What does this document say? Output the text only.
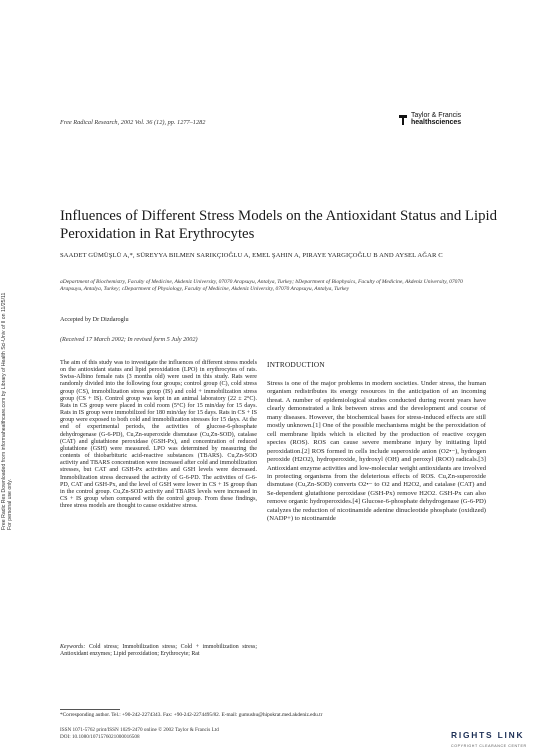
Free Radic Res Downloaded from informahealthcare.com by Library of Health Sci-Univ of Il on 11/25/11 For personal use only.
Free Radical Research, 2002 Vol. 36 (12), pp. 1277–1282
Taylor & Francis
healthsciences
Influences of Different Stress Models on the Antioxidant Status and Lipid Peroxidation in Rat Erythrocytes
SAADET GÜMÜŞLÜ A,*, SÜREYYA BILMEN SARIKÇIOĞLU A, EMEL ŞAHIN A, PIRAYE YARGIÇOĞLU B AND AYSEL AĞAR C
aDepartment of Biochemistry, Faculty of Medicine, Akdeniz University, 07070 Arapsuyu, Antalya, Turkey; bDepartment of Biophysics, Faculty of Medicine, Akdeniz University, 07070 Arapsuyu, Antalya, Turkey; cDepartment of Physiology, Faculty of Medicine, Akdeniz University, 07070 Arapsuyu, Antalya, Turkey
Accepted by Dr Dizdaroglu
(Received 17 March 2002; In revised form 5 July 2002)
The aim of this study was to investigate the influences of different stress models on the antioxidant status and lipid peroxidation (LPO) in erythrocytes of rats. Swiss-Albino female rats (3 months old) were used in this study. Rats were randomly divided into the following four groups; control group (C), cold stress group (CS), immobilization stress group (IS) and cold + immobilization stress group (CS + IS). Control group was kept in an animal laboratory (22 ± 2°C). Rats in CS group were placed in cold room (5°C) for 15 min/day for 15 days. Rats in IS group were immobilized for 180 min/day for 15 days. Rats in CS + IS group were exposed to both cold and immobilization stresses for 15 days. At the end of experimental periods, the activities of glucose-6-phosphate dehydrogenase (G-6-PD), Cu,Zn-superoxide dismutase (Cu,Zn-SOD), catalase (CAT) and glutathione peroxidase (GSH-Px), and concentration of reduced glutathione (GSH) were measured. LPO was determined by measuring the contents of thiobarbituric acid-reactive substances (TBARS). Cu,Zn-SOD activity and TBARS concentration were increased after cold and immobilization stresses, but CAT and GSH-Px activities and GSH levels were decreased. Immobilization stress decreased the activity of G-6-PD. The activities of G-6-PD, CAT and GSH-Px, and the level of GSH were lower in CS + IS group than in the control group. Cu,Zn-SOD activity and TBARS levels were increased in CS + IS group when compared with the control group. From these findings, three stress models are thought to cause oxidative stress.
Keywords: Cold stress; Immobilization stress; Cold + immobilization stress; Antioxidant enzymes; Lipid peroxidation; Erythrocyte; Rat
INTRODUCTION
Stress is one of the major problems in modern societies. Under stress, the human organism redistributes its energy resources in the anticipation of an incoming threat. A number of epidemiological studies conducted during recent years have clearly demonstrated a link between stress and the development and course of many diseases. However, the biochemical bases for stress-induced effects are still mostly unknown.[1] One of the possible mechanisms might be the peroxidation of cell membrane lipids which is elicited by the production of reactive oxygen species (ROS). ROS can cause severe membrane injury by initiating lipid peroxidation.[2] ROS formed in cells include superoxide anion (O2•−), hydrogen peroxide (H2O2), hydroperoxide, hydroxyl (OH) and peroxyl (ROO) radicals.[3] Antioxidant enzyme activities and low-molecular weight antioxidants are involved in protecting organisms from the deleterious effects of ROS. Cu,Zn-superoxide dismutase (Cu,Zn-SOD) converts O2•− to O2 and H2O2, and catalase (CAT) and Se-dependent glutathione peroxidase (GSH-Px) remove H2O2. GSH-Px can also remove organic hydroperoxides.[4] Glucose-6-phosphate dehydrogenase (G-6-PD) catalyzes the reduction of nicotinamide adenine dinucleotide phosphate (oxidized) (NADP+) to nicotinamide
*Corresponding author. Tel.: +90-242-2274343. Fax: +90-242-2274495/82. E-mail: gumushu@hipokrat.med.akdeniz.edu.tr
ISSN 1071-5762 print/ISSN 1029-2470 online © 2002 Taylor & Francis Ltd
DOI: 10.1080/1071576021000016508	RIGHTS LINK
COPYRIGHT CLEARANCE CENTER
